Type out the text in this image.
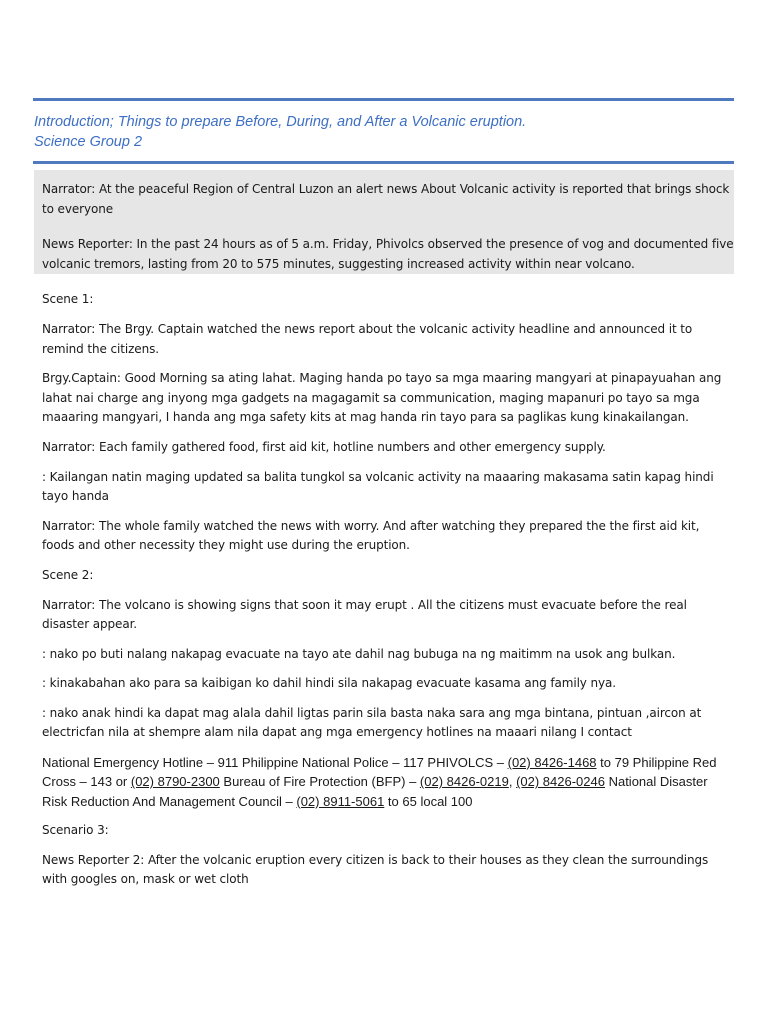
Introduction; Things to prepare Before, During, and After a Volcanic eruption.
Science Group 2

Narrator: At the peaceful Region of Central Luzon an alert news About Volcanic activity is reported that brings shock to everyone

News Reporter: In the past 24 hours as of 5 a.m. Friday, Phivolcs observed the presence of vog and documented five volcanic tremors, lasting from 20 to 575 minutes, suggesting increased activity within near volcano.

Scene 1:

Narrator: The Brgy. Captain watched the news report about the volcanic activity headline and announced it to remind the citizens.

Brgy.Captain: Good Morning sa ating lahat. Maging handa po tayo sa mga maaring mangyari at pinapayuahan ang lahat nai charge ang inyong mga gadgets na magagamit sa communication, maging mapanuri po tayo sa mga maaaring mangyari, I handa ang mga safety kits at mag handa rin tayo para sa paglikas kung kinakailangan.

Narrator: Each family gathered food, first aid kit, hotline numbers and other emergency supply.

: Kailangan natin maging updated sa balita tungkol sa volcanic activity na maaaring makasama satin kapag hindi tayo handa

Narrator: The whole family watched the news with worry. And after watching they prepared the the first aid kit, foods and other necessity they might use during the eruption.

Scene 2:

Narrator: The volcano is showing signs that soon it may erupt . All the citizens must evacuate before the real disaster appear.

: nako po buti nalang nakapag evacuate na tayo ate dahil nag bubuga na ng maitimm na usok ang bulkan.

: kinakabahan ako para sa kaibigan ko dahil hindi sila nakapag evacuate kasama ang family nya.

: nako anak hindi ka dapat mag alala dahil ligtas parin sila basta naka sara ang mga bintana, pintuan ,aircon at electricfan nila at shempre alam nila dapat ang mga emergency hotlines na maaari nilang I contact

National Emergency Hotline – 911 Philippine National Police – 117 PHIVOLCS – (02) 8426-1468 to 79 Philippine Red Cross – 143 or (02) 8790-2300 Bureau of Fire Protection (BFP) – (02) 8426-0219, (02) 8426-0246 National Disaster Risk Reduction And Management Council – (02) 8911-5061 to 65 local 100

Scenario 3:

News Reporter 2: After the volcanic eruption every citizen is back to their houses as they clean the surroundings with googles on, mask or wet cloth
